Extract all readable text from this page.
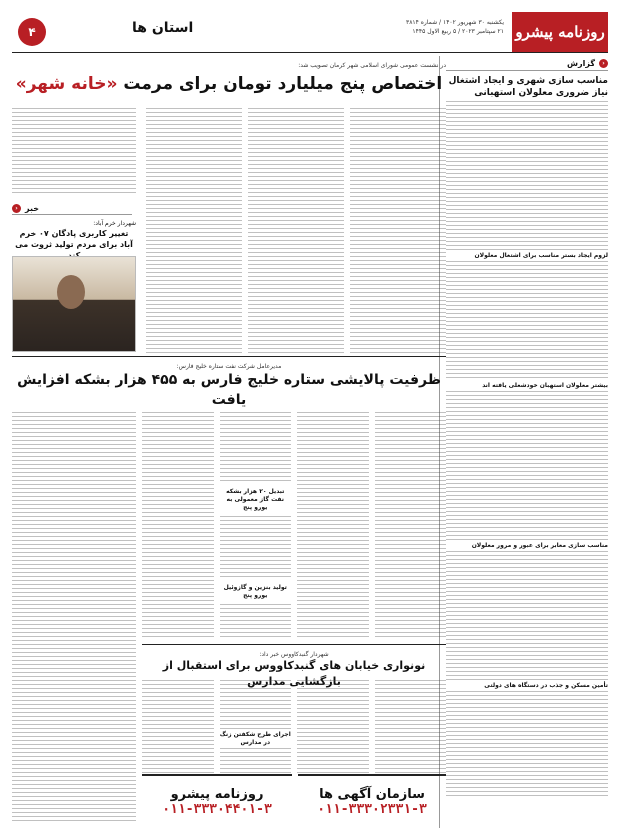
روزنامه پیشرو
یکشنبه ۳۰ شهریور ۱۴۰۲ / شماره ۳۸۱۴
۲۱ سپتامبر ۲۰۲۳ / ۵ ربیع الاول ۱۴۴۵
استان ها
۴
‹
گزارش
مناسب سازی شهری و ایجاد اشتغال نیاز ضروری معلولان استهبانی
لزوم ایجاد بستر مناسب برای اشتغال معلولان
بیشتر معلولان استهبان خودشغلی یافته اند
مناسب سازی معابر برای عبور و مرور معلولان
تأمین مسکن و جذب در دستگاه های دولتی
در نشست عمومی شورای اسلامی شهر کرمان تصویب شد:
اختصاص پنج میلیارد تومان برای مرمت «خانه شهر»
خبر
‹
شهردار خرم آباد:
تغییر کاربری پادگان ۰۷ خرم آباد برای مردم تولید ثروت می
مدیرعامل شرکت نفت ستاره خلیج فارس:
ظرفیت پالایشی ستاره خلیج فارس به ۴۵۵ هزار بشکه افزایش یافت
تبدیل ۲۰ هزار بشکه نفت گاز معمولی به یورو پنج
تولید بنزین و گازوئیل یورو پنج
شهردار گنبدکاووس خبر داد:
نونواری خیابان های گنبدکاووس برای استقبال از بازگشایی مدارس
اجرای طرح شکفتن زنگ در مدارس
سازمان آگهی ها
۰۱۱-۳۳۳۰۲۳۳۱-۳
روزنامه پیشرو
۰۱۱-۳۳۳۰۴۴۰۱-۳
